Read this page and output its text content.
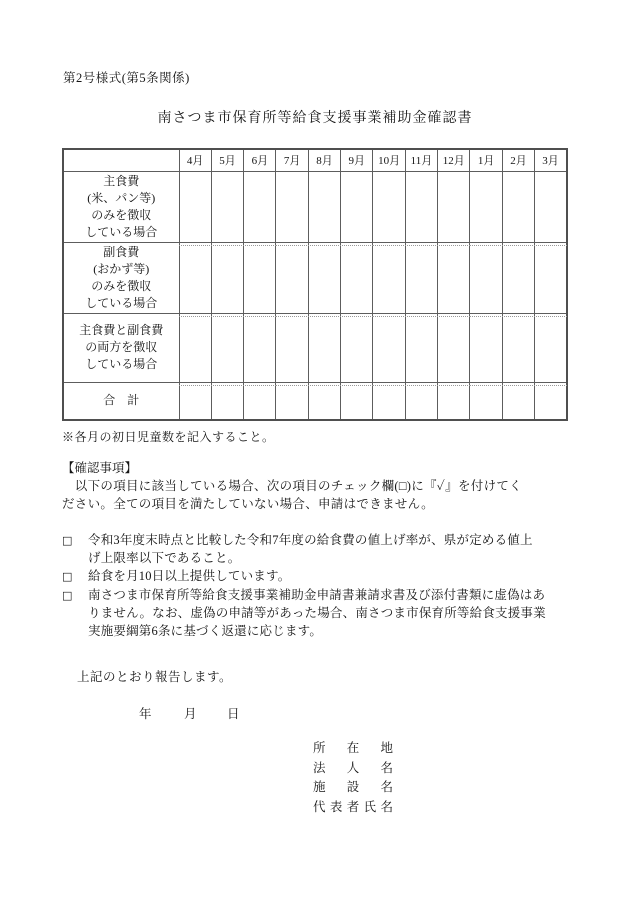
第2号様式(第5条関係)
南さつま市保育所等給食支援事業補助金確認書
	4月	5月	6月	7月	8月	9月	10月	11月	12月	1月	2月	3月

主食費
(米、パン等)
のみを徴収
している場合												

副食費
(おかず等)
のみを徴収
している場合												

主食費と副食費
の両方を徴収
している場合												

合　計												

※各月の初日児童数を記入すること。
【確認事項】
　以下の項目に該当している場合、次の項目のチェック欄(□)に『✓』を付けてく
ださい。全ての項目を満たしていない場合、申請はできません。
□	令和3年度末時点と比較した令和7年度の給食費の値上げ率が、県が定める値上
げ上限率以下であること。
□	給食を月10日以上提供しています。
□	南さつま市保育所等給食支援事業補助金申請書兼請求書及び添付書類に虚偽はあ
りません。なお、虚偽の申請等があった場合、南さつま市保育所等給食支援事業
実施要綱第6条に基づく返還に応じます。
上記のとおり報告します。
年	月 日
所在地
法人名
施設名
代表者氏名
